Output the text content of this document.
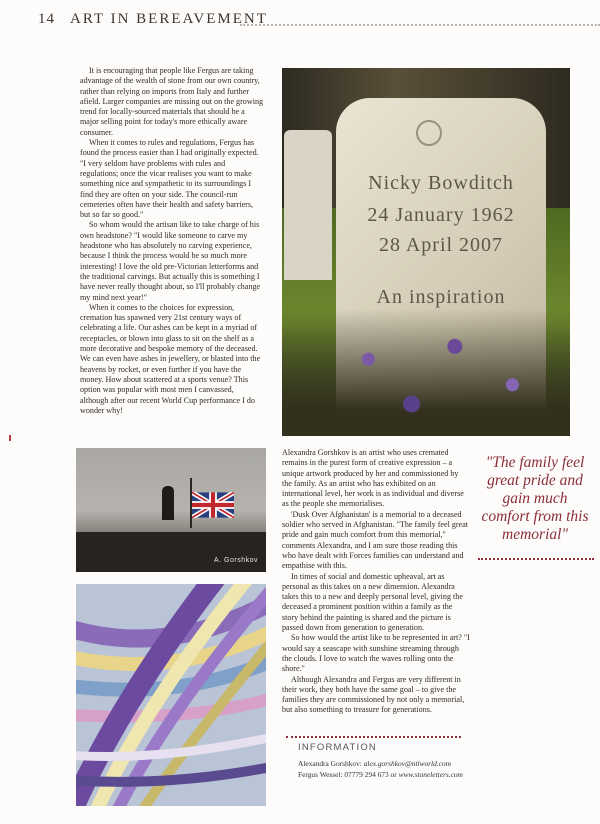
14 ART IN BEREAVEMENT

It is encouraging that people like Fergus are taking advantage of the wealth of stone from our own country, rather than relying on imports from Italy and further afield. Larger companies are missing out on the growing trend for locally-sourced materials that should be a major selling point for today's more ethically aware consumer.

When it comes to rules and regulations, Fergus has found the process easier than I had originally expected. "I very seldom have problems with rules and regulations; once the vicar realises you want to make something nice and sympathetic to its surroundings I find they are often on your side. The council-run cemeteries often have their health and safety barriers, but so far so good."

So whom would the artisan like to take charge of his own headstone? "I would like someone to carve my headstone who has absolutely no carving experience, because I think the process would be so much more interesting! I love the old pre-Victorian letterforms and the traditional carvings. But actually this is something I have never really thought about, so I'll probably change my mind next year!"

When it comes to the choices for expression, cremation has spawned very 21st century ways of celebrating a life. Our ashes can be kept in a myriad of receptacles, or blown into glass to sit on the shelf as a more decorative and bespoke memory of the deceased. We can even have ashes in jewellery, or blasted into the heavens by rocket, or even further if you have the money. How about scattered at a sports venue? This option was popular with most men I canvassed, although after our recent World Cup performance I do wonder why!

Nicky Bowditch
24 January 1962
28 April 2007
An inspiration
A. Gorshkov

Alexandra Gorshkov is an artist who uses cremated remains in the purest form of creative expression – a unique artwork produced by her and commissioned by the family. As an artist who has exhibited on an international level, her work is as individual and diverse as the people she memorialises.

'Dusk Over Afghanistan' is a memorial to a deceased soldier who served in Afghanistan. "The family feel great pride and gain much comfort from this memorial," comments Alexandra, and I am sure those reading this who have dealt with Forces families can understand and empathise with this.

In times of social and domestic upheaval, art as personal as this takes on a new dimension. Alexandra takes this to a new and deeply personal level, giving the deceased a prominent position within a family as the story behind the painting is shared and the picture is passed down from generation to generation.

So how would the artist like to be represented in art? "I would say a seascape with sunshine streaming through the clouds. I love to watch the waves rolling onto the shore."

Although Alexandra and Fergus are very different in their work, they both have the same goal – to give the families they are commissioned by not only a memorial, but also something to treasure for generations.

"The family feel great pride and gain much comfort from this memorial"
INFORMATION
Alexandra Gorshkov: alex.gorshkov@ntlworld.com
Fergus Wessel: 07779 294 673 or www.stoneletters.com
